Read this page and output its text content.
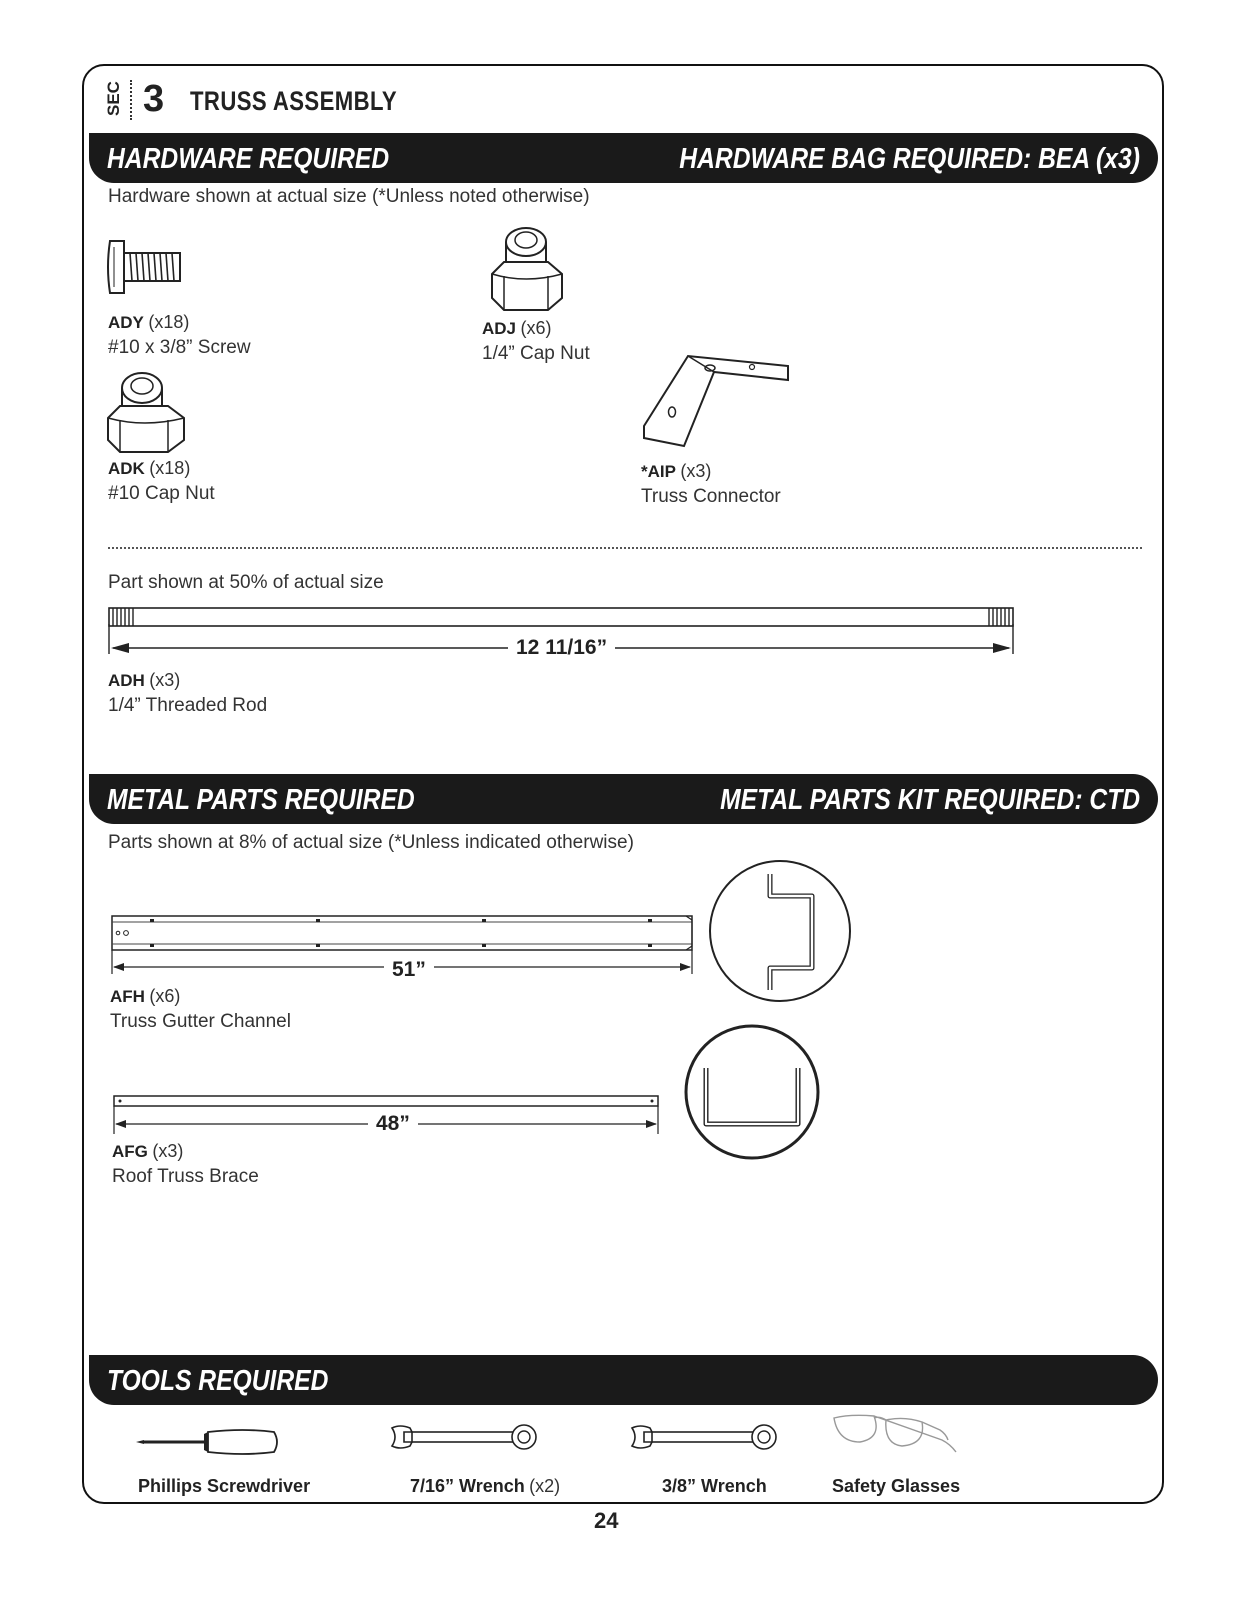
SEC 3 TRUSS ASSEMBLY
HARDWARE REQUIRED	HARDWARE BAG REQUIRED: BEA (x3)
Hardware shown at actual size (*Unless noted otherwise)
ADY (x18)
#10 x 3/8” Screw
ADJ (x6)
1/4” Cap Nut
ADK (x18)
#10 Cap Nut
*AIP (x3)
Truss Connector
Part shown at 50% of actual size
12 11/16”
ADH (x3)
1/4” Threaded Rod
METAL PARTS REQUIRED	METAL PARTS KIT REQUIRED: CTD
Parts shown at 8% of actual size (*Unless indicated otherwise)
51”
AFH (x6)
Truss Gutter Channel
48”
AFG (x3)
Roof Truss Brace
TOOLS REQUIRED
Phillips Screwdriver	7/16” Wrench (x2)	3/8” Wrench	Safety Glasses
24
